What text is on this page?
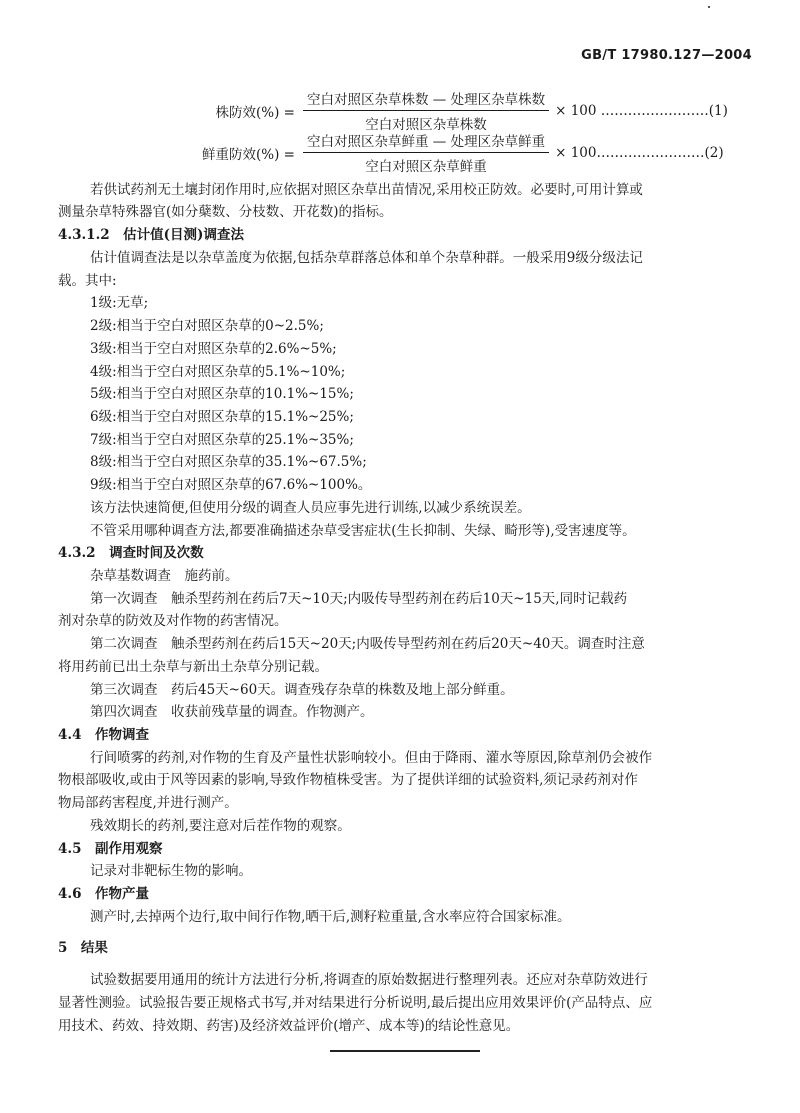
GB/T 17980.127—2004
株防效(%) = $\frac{\text{空白对照区杂草株数 — 处理区杂草株数}}{\text{空白对照区杂草株数}} \times 100$ ……………………(1)
鲜重防效(%) = $\frac{\text{空白对照区杂草鲜重 — 处理区杂草鲜重}}{\text{空白对照区杂草鲜重}}$ × 100……………………(2)
若供试药剂无土壤封闭作用时,应依据对照区杂草出苗情况,采用校正防效。必要时,可用计算或
测量杂草特殊器官(如分蘖数、分枝数、开花数)的指标。
4.3.1.2　估计值(目测)调查法
估计值调查法是以杂草盖度为依据,包括杂草群落总体和单个杂草种群。一般采用9级分级法记
载。其中:
1级:无草;
2级:相当于空白对照区杂草的0~2.5%;
3级:相当于空白对照区杂草的2.6%~5%;
4级:相当于空白对照区杂草的5.1%~10%;
5级:相当于空白对照区杂草的10.1%~15%;
6级:相当于空白对照区杂草的15.1%~25%;
7级:相当于空白对照区杂草的25.1%~35%;
8级:相当于空白对照区杂草的35.1%~67.5%;
9级:相当于空白对照区杂草的67.6%~100%。
该方法快速简便,但使用分级的调查人员应事先进行训练,以减少系统误差。
不管采用哪种调查方法,都要准确描述杂草受害症状(生长抑制、失绿、畸形等),受害速度等。
4.3.2　调查时间及次数
杂草基数调查　施药前。
第一次调查　触杀型药剂在药后7天~10天;内吸传导型药剂在药后10天~15天,同时记载药
剂对杂草的防效及对作物的药害情况。
第二次调查　触杀型药剂在药后15天~20天;内吸传导型药剂在药后20天~40天。调查时注意
将用药前已出土杂草与新出土杂草分别记载。
第三次调查　药后45天~60天。调查残存杂草的株数及地上部分鲜重。
第四次调查　收获前残草量的调查。作物测产。
4.4　作物调查
行间喷雾的药剂,对作物的生育及产量性状影响较小。但由于降雨、灌水等原因,除草剂仍会被作
物根部吸收,或由于风等因素的影响,导致作物植株受害。为了提供详细的试验资料,须记录药剂对作
物局部药害程度,并进行测产。
残效期长的药剂,要注意对后茬作物的观察。
4.5　副作用观察
记录对非靶标生物的影响。
4.6　作物产量
测产时,去掉两个边行,取中间行作物,晒干后,测籽粒重量,含水率应符合国家标准。
5　结果
试验数据要用通用的统计方法进行分析,将调查的原始数据进行整理列表。还应对杂草防效进行
显著性测验。试验报告要正规格式书写,并对结果进行分析说明,最后提出应用效果评价(产品特点、应
用技术、药效、持效期、药害)及经济效益评价(增产、成本等)的结论性意见。
